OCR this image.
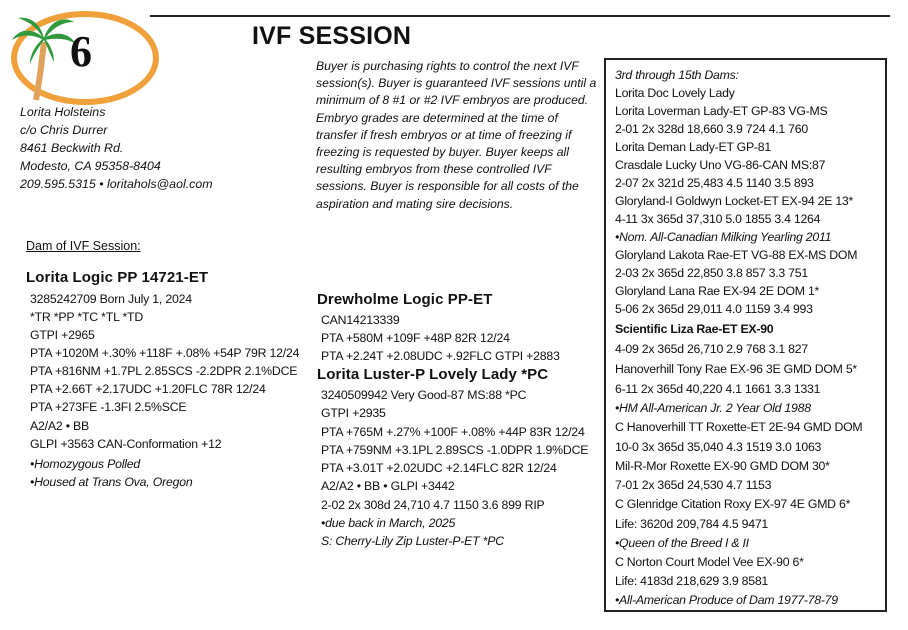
6	IVF SESSION
Lorita Holsteins
c/o Chris Durrer
8461 Beckwith Rd.
Modesto, CA 95358-8404
209.595.5315 • loritahols@aol.com

Buyer is purchasing rights to control the next IVF session(s). Buyer is guaranteed IVF sessions until a minimum of 8 #1 or #2 IVF embryos are produced. Embryo grades are determined at the time of transfer if fresh embryos or at time of freezing if freezing is requested by buyer. Buyer keeps all resulting embryos from these controlled IVF sessions. Buyer is responsible for all costs of the aspiration and mating sire decisions.

Dam of IVF Session:
Lorita Logic PP 14721-ET
3285242709 Born July 1, 2024
*TR *PP *TC *TL *TD
GTPI +2965
PTA +1020M +.30% +118F +.08% +54P 79R 12/24
PTA +816NM +1.7PL 2.85SCS -2.2DPR 2.1%DCE
PTA +2.66T +2.17UDC +1.20FLC 78R 12/24
PTA +273FE -1.3FI 2.5%SCE
A2/A2 • BB
GLPI +3563 CAN-Conformation +12
•Homozygous Polled
•Housed at Trans Ova, Oregon
Drewholme Logic PP-ET
CAN14213339
PTA +580M +109F +48P 82R 12/24
PTA +2.24T +2.08UDC +.92FLC GTPI +2883
Lorita Luster-P Lovely Lady *PC
3240509942 Very Good-87 MS:88 *PC
GTPI +2935
PTA +765M +.27% +100F +.08% +44P 83R 12/24
PTA +759NM +3.1PL 2.89SCS -1.0DPR 1.9%DCE
PTA +3.01T +2.02UDC +2.14FLC 82R 12/24
A2/A2 • BB • GLPI +3442
2-02 2x 308d 24,710 4.7 1150 3.6 899 RIP
•due back in March, 2025
S: Cherry-Lily Zip Luster-P-ET *PC
3rd through 15th Dams:
Lorita Doc Lovely Lady
Lorita Loverman Lady-ET GP-83 VG-MS
2-01 2x 328d 18,660 3.9 724 4.1 760
Lorita Deman Lady-ET GP-81
Crasdale Lucky Uno VG-86-CAN MS:87
2-07 2x 321d 25,483 4.5 1140 3.5 893
Gloryland-I Goldwyn Locket-ET EX-94 2E 13*
4-11 3x 365d 37,310 5.0 1855 3.4 1264
•Nom. All-Canadian Milking Yearling 2011
Gloryland Lakota Rae-ET VG-88 EX-MS DOM
2-03 2x 365d 22,850 3.8 857 3.3 751
Gloryland Lana Rae EX-94 2E DOM 1*
5-06 2x 365d 29,011 4.0 1159 3.4 993
Scientific Liza Rae-ET EX-90
4-09 2x 365d 26,710 2.9 768 3.1 827
Hanoverhill Tony Rae EX-96 3E GMD DOM 5*
6-11 2x 365d 40,220 4.1 1661 3.3 1331
•HM All-American Jr. 2 Year Old 1988
C Hanoverhill TT Roxette-ET 2E-94 GMD DOM
10-0 3x 365d 35,040 4.3 1519 3.0 1063
Mil-R-Mor Roxette EX-90 GMD DOM 30*
7-01 2x 365d 24,530 4.7 1153
C Glenridge Citation Roxy EX-97 4E GMD 6*
Life: 3620d 209,784 4.5 9471
•Queen of the Breed I & II
C Norton Court Model Vee EX-90 6*
Life: 4183d 218,629 3.9 8581
•All-American Produce of Dam 1977-78-79
